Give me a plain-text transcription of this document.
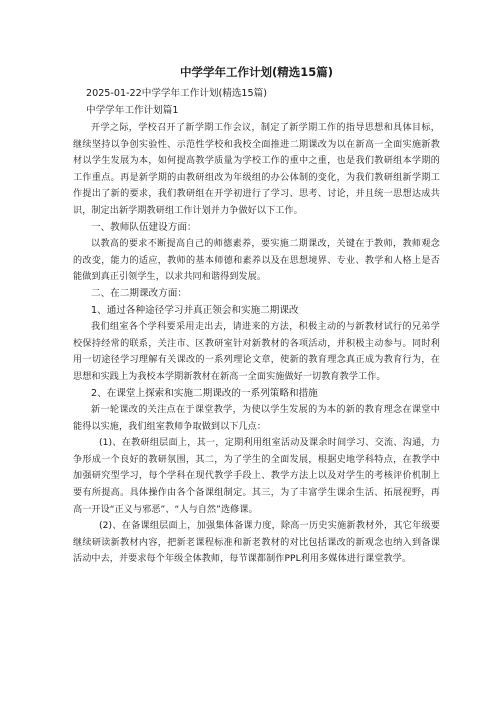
中学学年工作计划(精选15篇)
2025-01-22中学学年工作计划(精选15篇)
中学学年工作计划篇1
开学之际，学校召开了新学期工作会议，制定了新学期工作的指导思想和具体目标，继续坚持以争创实验性、示范性学校和我校全面推进二期课改为以在新高一全面实施新教材以学生发展为本，如何提高教学质量为学校工作的重中之重，也是我们教研组本学期的工作重点。再是新学期的由教研组改为年级组的办公体制的变化，为我们教研组新学期工作提出了新的要求，我们教研组在开学初进行了学习、思考、讨论，并且统一思想达成共识，制定出新学期教研组工作计划并力争做好以下工作。
一、教师队伍建设方面：
以教高的要求不断提高自己的师德素养，要实施二期课改，关键在于教师，教师观念的改变，能力的适应，教师的基本师德和素养以及在思想境界、专业、教学和人格上是否能做到真正引领学生，以求共同和谐得到发展。
二、在二期课改方面：
1、通过各种途径学习并真正领会和实施二期课改
我们组室各个学科要采用走出去，请进来的方法，积极主动的与新教材试行的兄弟学校保持经常的联系，关注市、区教研室针对新教材的各项活动，并积极主动参与。同时利用一切途径学习理解有关课改的一系列理论文章，使新的教育理念真正成为教育行为，在思想和实践上为我校本学期新教材在新高一全面实施做好一切教育教学工作。
2、在课堂上探索和实施二期课改的一系列策略和措施
新一轮课改的关注点在于课堂教学，为使以学生发展的为本的新的教育理念在课堂中能得以实施，我们组室教师争取做到以下几点：
(1)、在教研组层面上，其一，定期利用组室活动及课余时间学习、交流、沟通，力争形成一个良好的教研氛围，其二，为了学生的全面发展，根据史地学科特点，在教学中加强研究型学习，每个学科在现代教学手段上、教学方法上以及对学生的考核评价机制上要有所提高。具体操作由各个备课组制定。其三，为了丰富学生课余生活、拓展视野，再高一开设“正义与邪恶”、“人与自然”选修课。
(2)、在备课组层面上，加强集体备课力度，除高一历史实施新教材外，其它年级要继续研读新教材内容，把新老课程标准和新老教材的对比包括课改的新观念也纳入到备课活动中去，并要求每个年级全体教师，每节课都制作PPL利用多媒体进行课堂教学。
